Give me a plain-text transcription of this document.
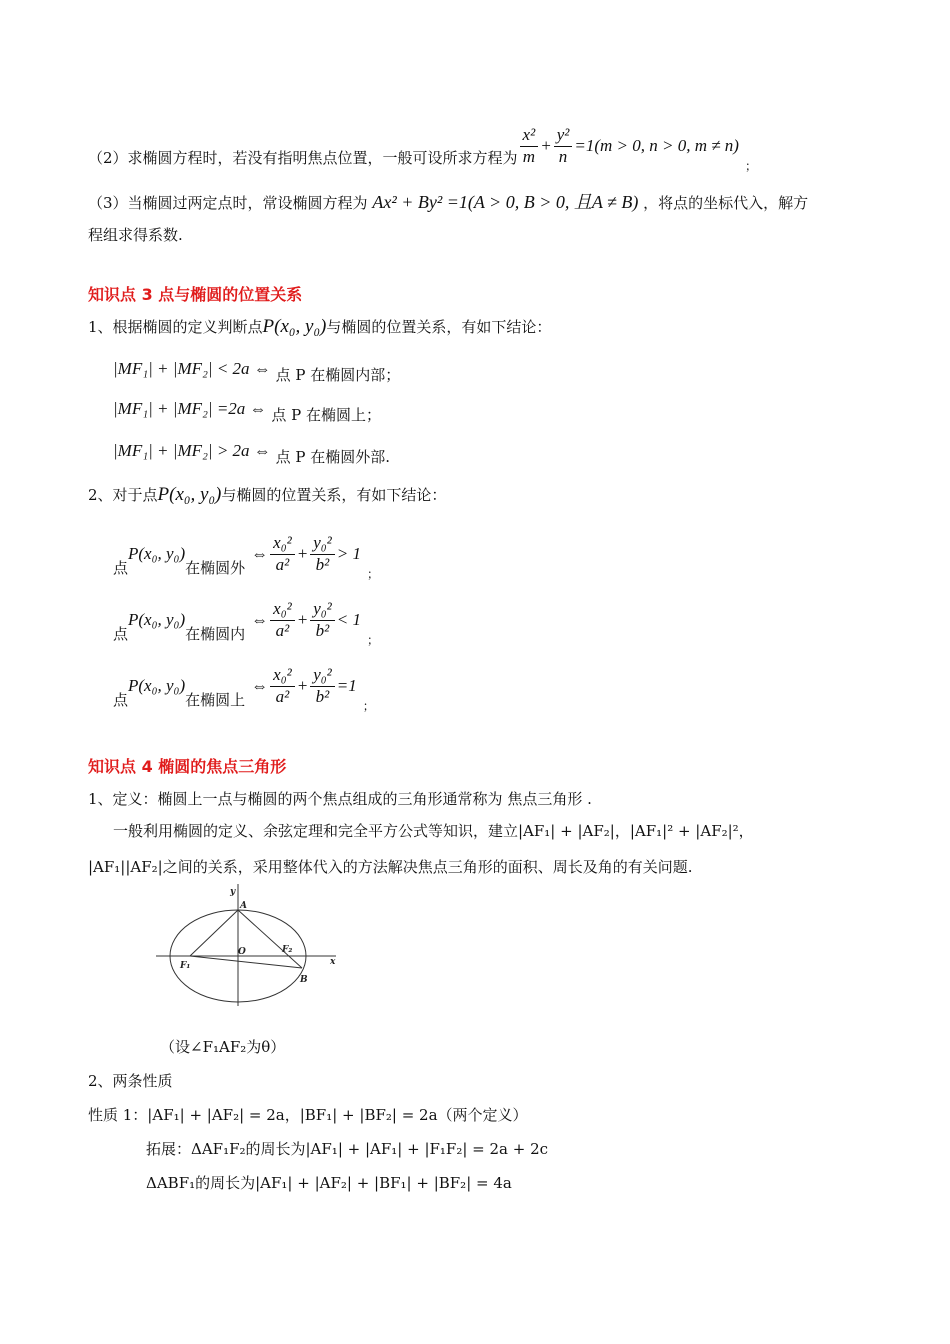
（2）求椭圆方程时，若没有指明焦点位置，一般可设所求方程为 $\frac{\text{x²}}{m} + \frac{\text{y²}}{n} =1(m > 0$, n > 0, m ≠ n)
；
（3）当椭圆过两定点时，常设椭圆方程为 Ax² + By² =1(A > 0, B > 0, 且A ≠ B) ，将点的坐标代入，解方
程组求得系数.
知识点 3 点与椭圆的位置关系
1、根据椭圆的定义判断点P(x₀, y₀)与椭圆的位置关系，有如下结论：
|MF₁| + |MF₂| < 2a ⇔ 点 P 在椭圆内部；
|MF₁| + |MF₂| =2a ⇔ 点 P 在椭圆上；
|MF₁| + |MF₂| > 2a ⇔ 点 P 在椭圆外部.
2、对于点P(x₀, y₀)与椭圆的位置关系，有如下结论：
点
P(x₀, y₀)
在椭圆外
⇔ $\frac{\text{x₀²}}{\text{a²}} + \frac{\text{y₀²}}{\text{b²}} > 1$
；
点
P(x₀, y₀)
在椭圆内
⇔ $\frac{\text{x₀²}}{\text{a²}} + \frac{\text{y₀²}}{\text{b²}} < 1$
；
点
P(x₀, y₀)
在椭圆上
⇔ $\frac{\text{x₀²}}{\text{a²}} + \frac{\text{y₀²}}{\text{b²}} =1$
；
知识点 4 椭圆的焦点三角形
1、定义：椭圆上一点与椭圆的两个焦点组成的三角形通常称为 焦点三角形 .
一般利用椭圆的定义、余弦定理和完全平方公式等知识，建立|AF₁| + |AF₂|，|AF₁|² + |AF₂|²，
|AF₁||AF₂|之间的关系，采用整体代入的方法解决焦点三角形的面积、周长及角的有关问题.
y
A
O
F₁
F₂
B
x
（设∠F₁AF₂为θ）
2、两条性质
性质 1：|AF₁| + |AF₂| = 2a，|BF₁| + |BF₂| = 2a（两个定义）
拓展：ΔAF₁F₂的周长为|AF₁| + |AF₁| + |F₁F₂| = 2a + 2c
ΔABF₁的周长为|AF₁| + |AF₂| + |BF₁| + |BF₂| = 4a
